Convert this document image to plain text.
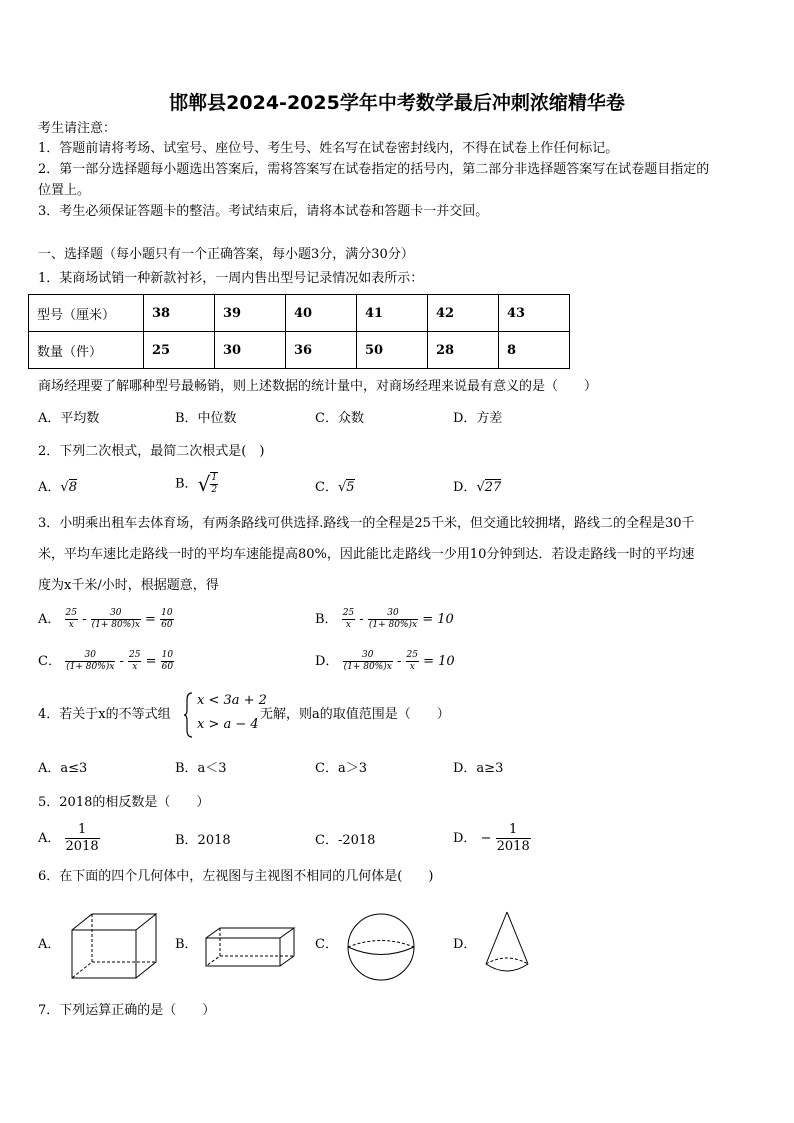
邯郸县2024-2025学年中考数学最后冲刺浓缩精华卷
考生请注意：
1．答题前请将考场、试室号、座位号、考生号、姓名写在试卷密封线内，不得在试卷上作任何标记。
2．第一部分选择题每小题选出答案后，需将答案写在试卷指定的括号内，第二部分非选择题答案写在试卷题目指定的
位置上。
3．考生必须保证答题卡的整洁。考试结束后，请将本试卷和答题卡一并交回。
一、选择题（每小题只有一个正确答案，每小题3分，满分30分）
1．某商场试销一种新款衬衫，一周内售出型号记录情况如表所示：
型号（厘米）	38	39	40	41	42	43
数量（件）	25	30	36	50	28	8
商场经理要了解哪种型号最畅销，则上述数据的统计量中，对商场经理来说最有意义的是（　　）
A．平均数	B．中位数	C．众数	D．方差
2．下列二次根式，最简二次根式是(　)
A．√8	B．√ $\frac{1}{2}$	C．√5	D．√27
3．小明乘出租车去体育场，有两条路线可供选择.路线一的全程是25千米，但交通比较拥堵，路线二的全程是30千
米，平均车速比走路线一时的平均车速能提高80%，因此能比走路线一少用10分钟到达．若设走路线一时的平均速
度为x千米/小时，根据题意，得
A． $\frac{25}{x} - \frac{30}{(1+ 80\%)x} = \frac{10}{60}$	B． $\frac{25}{x} - \frac{30}{(1+ 80\%)x} = 10$
C． $\frac{30}{(1+ 80\%)x} - \frac{25}{x} = \frac{10}{60}$	D． $\frac{30}{(1+ 80\%)x} - \frac{25}{x} = 10$
4．若关于x的不等式组
x < 3a + 2
x > a − 4
无解，则a的取值范围是（　　）
A．a≤3	B．a＜3	C．a＞3	D．a≥3
5．2018的相反数是（　　）
A． $\frac{1}{2018}$	B．2018	C．-2018	D． − $\frac{1}{2018}$
6．在下面的四个几何体中，左视图与主视图不相同的几何体是(　　)
A．	B．	C．	D．
7．下列运算正确的是（　　）
